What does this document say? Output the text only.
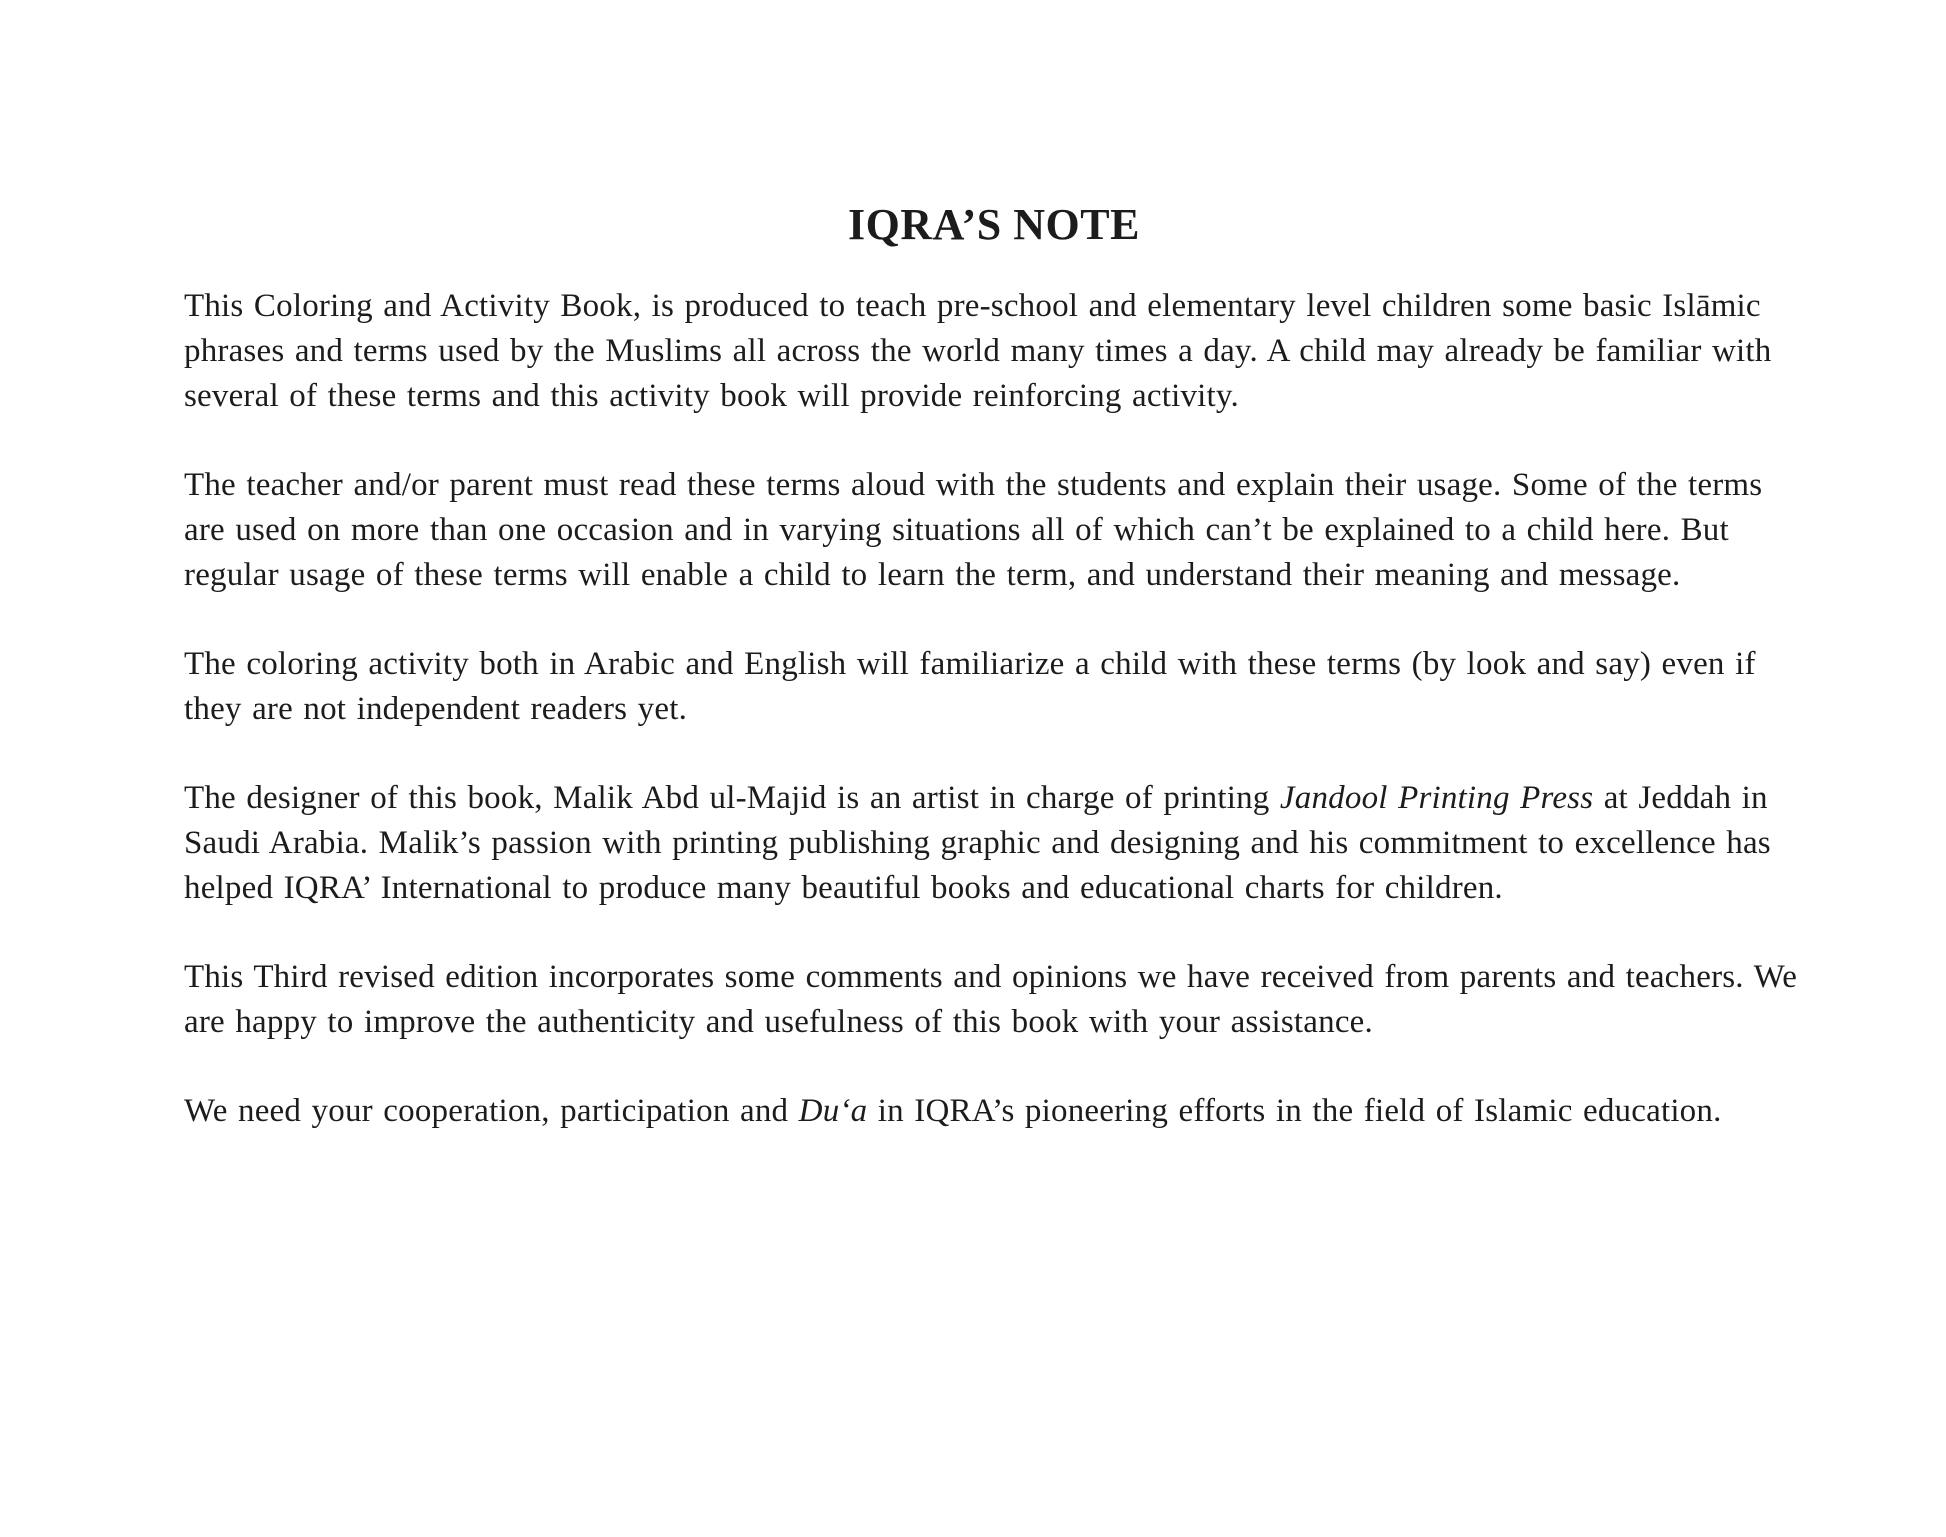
IQRA’S NOTE

This Coloring and Activity Book, is produced to teach pre-school and elementary level children some basic Islāmic phrases and terms used by the Muslims all across the world many times a day. A child may already be familiar with several of these terms and this activity book will provide reinforcing activity.

The teacher and/or parent must read these terms aloud with the students and explain their usage. Some of the terms are used on more than one occasion and in varying situations all of which can’t be explained to a child here. But regular usage of these terms will enable a child to learn the term, and understand their meaning and message.

The coloring activity both in Arabic and English will familiarize a child with these terms (by look and say) even if they are not independent readers yet.

The designer of this book, Malik Abd ul-Majid is an artist in charge of printing Jandool Printing Press at Jeddah in Saudi Arabia. Malik’s passion with printing publishing graphic and designing and his commitment to excellence has helped IQRA’ International to produce many beautiful books and educational charts for children.

This Third revised edition incorporates some comments and opinions we have received from parents and teachers. We are happy to improve the authenticity and usefulness of this book with your assistance.

We need your cooperation, participation and Du‘a in IQRA’s pioneering efforts in the field of Islamic education.
